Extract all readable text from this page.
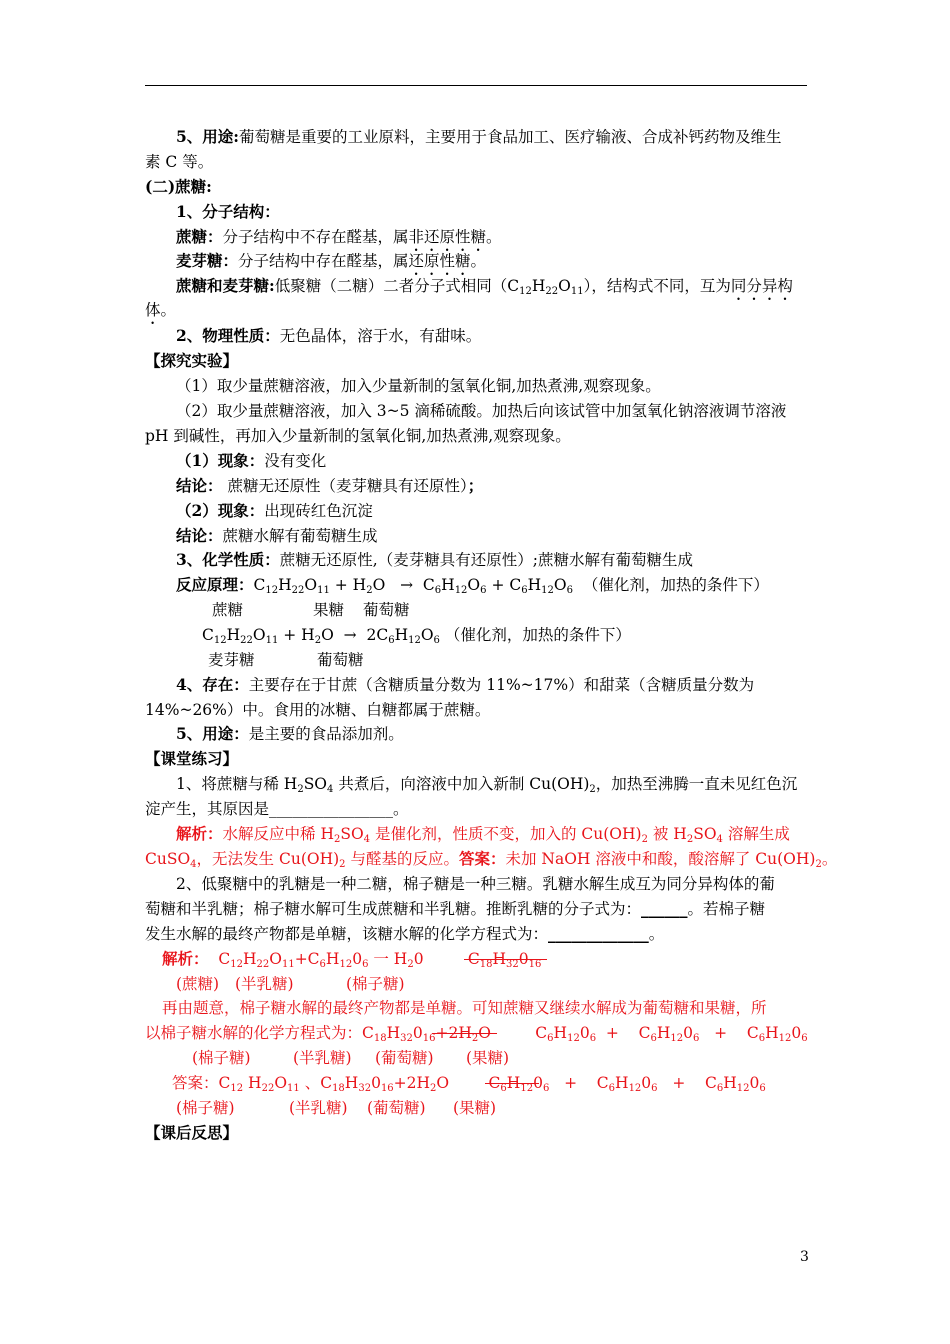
5、用途:葡萄糖是重要的工业原料，主要用于食品加工、医疗输液、合成补钙药物及维生
素 C 等。
(二)蔗糖:
1、分子结构：
蔗糖：分子结构中不存在醛基，属非还原性糖。
麦芽糖：分子结构中存在醛基，属还原性糖。
蔗糖和麦芽糖:低聚糖（二糖）二者分子式相同$(C_{12}H_{22}O_{11})$，结构式不同，互为同分异构
体。
2、物理性质：无色晶体，溶于水，有甜味。
【探究实验】
（1）取少量蔗糖溶液，加入少量新制的氢氧化铜,加热煮沸,观察现象。
（2）取少量蔗糖溶液，加入 3~5 滴稀硫酸。加热后向该试管中加氢氧化钠溶液调节溶液
pH 到碱性，再加入少量新制的氢氧化铜,加热煮沸,观察现象。
（1）现象：没有变化
结论： 蔗糖无还原性（麦芽糖具有还原性）；
（2）现象：出现砖红色沉淀
结论：蔗糖水解有葡萄糖生成
3、化学性质：蔗糖无还原性,（麦芽糖具有还原性）;蔗糖水解有葡萄糖生成
反应原理：$C_{12}H_{22}O_{11} + H_2O \to C_6H_{12}O_6 + C_6H_{12}O_6$ （催化剂，加热的条件下）
蔗糖	果糖 葡萄糖
$C_{12}H_{22}O_{11} + H_2O \to 2C_6H_{12}O_6$ （催化剂，加热的条件下）
麦芽糖	葡萄糖
4、存在：主要存在于甘蔗（含糖质量分数为 11%~17%）和甜菜（含糖质量分数为
14%~26%）中。食用的冰糖、白糖都属于蔗糖。
5、用途：是主要的食品添加剂。
【课堂练习】
1、将蔗糖与稀 $H_2SO_4$ 共煮后，向溶液中加入新制 $Cu(OH)_2$，加热至沸腾一直未见红色沉
淀产生，其原因是________________。
解析：水解反应中稀 $H_2SO_4$ 是催化剂，性质不变，加入的 $Cu(OH)_2$ 被 $H_2SO_4$ 溶解生成
CuSO$_4$，无法发生 $Cu(OH)_2$ 与醛基的反应。答案：未加 NaOH 溶液中和酸，酸溶解了 $Cu(OH)_2$。
2、低聚糖中的乳糖是一种二糖，棉子糖是一种三糖。乳糖水解生成互为同分异构体的葡
萄糖和半乳糖；棉子糖水解可生成蔗糖和半乳糖。推断乳糖的分子式为：______。若棉子糖
发生水解的最终产物都是单糖，该糖水解的化学方程式为：_____________。
解析：  $C_{12}H_{22}O_{11}+C_6H_{12}0_6$ 一 $H_20$         $C_{18}H_{32}0_{16}$
(蔗糖) (半乳糖)	(棉子糖)
再由题意，棉子糖水解的最终产物都是单糖。可知蔗糖又继续水解成为葡萄糖和果糖，所
以棉子糖水解的化学方程式为：$C_{18}H_{32}0_{16}+2H_2O$         $C_6H_{12}0_6$  +    $C_6H_{12}0_6$   +    $C_6H_{12}0_6$
(棉子糖)	(半乳糖) (葡萄糖) (果糖)
答案：$C_{12}$ $H_{22}O_{11}$ 、$C_{18}H_{32}0_{16}+2H_2O$        $C_6H_{12}0_6$   +    $C_6H_{12}0_6$   +    $C_6H_{12}0_6$
(棉子糖)	(半乳糖) (葡萄糖) (果糖)
【课后反思】
3
